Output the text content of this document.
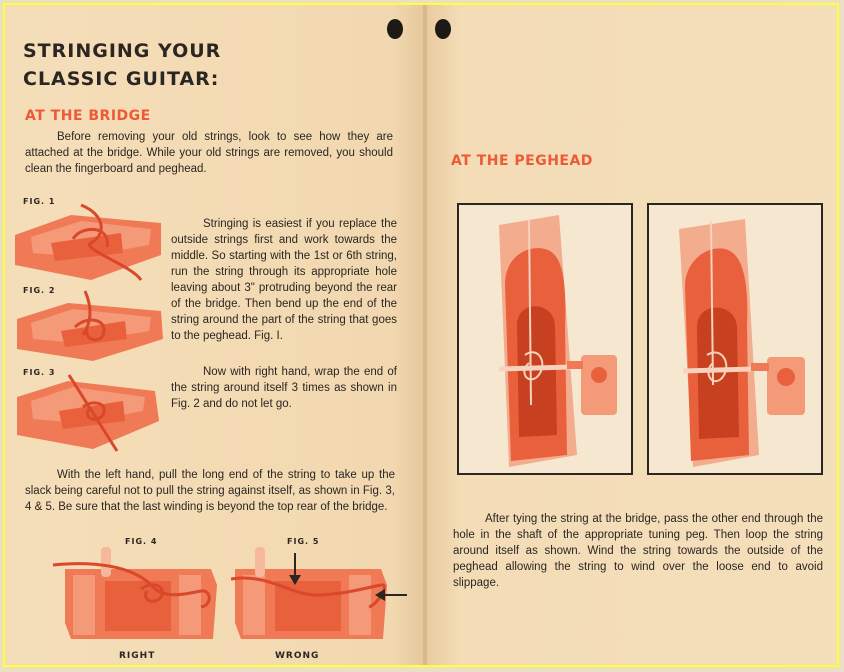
STRINGING YOUR
CLASSIC GUITAR:
AT THE BRIDGE

Before removing your old strings, look to see how they are attached at the bridge. While your old strings are removed, you should clean the fingerboard and peghead.

FIG. 1

FIG. 2

FIG. 3

Stringing is easiest if you replace the outside strings first and work towards the middle. So starting with the 1st or 6th string, run the string through its appropriate hole leaving about 3" protruding beyond the rear of the bridge. Then bend up the end of the string around the part of the string that goes to the peghead. Fig. I.

Now with right hand, wrap the end of the string around itself 3 times as shown in Fig. 2 and do not let go.

With the left hand, pull the long end of the string to take up the slack being careful not to pull the string against itself, as shown in Fig. 3, 4 & 5. Be sure that the last winding is beyond the top rear of the bridge.

FIG. 4

RIGHT

FIG. 5

WRONG

AT THE PEGHEAD

After tying the string at the bridge, pass the other end through the hole in the shaft of the appropriate tuning peg. Then loop the string around itself as shown. Wind the string towards the outside of the peghead allowing the string to wind over the loose end to avoid slippage.
